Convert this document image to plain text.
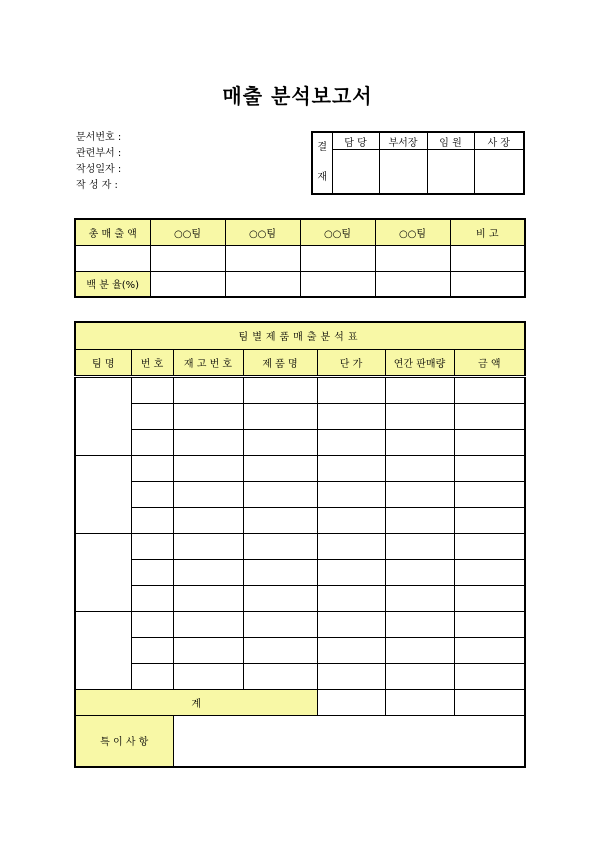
매출 분석보고서
문서번호 :
관련부서 :
작성일자 :
작 성 자 :
결
재	담 당	부서장	임 원	사 장

총 매 출 액	○○팀	○○팀	○○팀	○○팀	비 고

백 분 율(%)					
팀별제품매출분석표						
팀 명	번 호	재 고 번 호	제 품 명	단 가	연간 판매량	금 액

계						
특 이 사 항						
